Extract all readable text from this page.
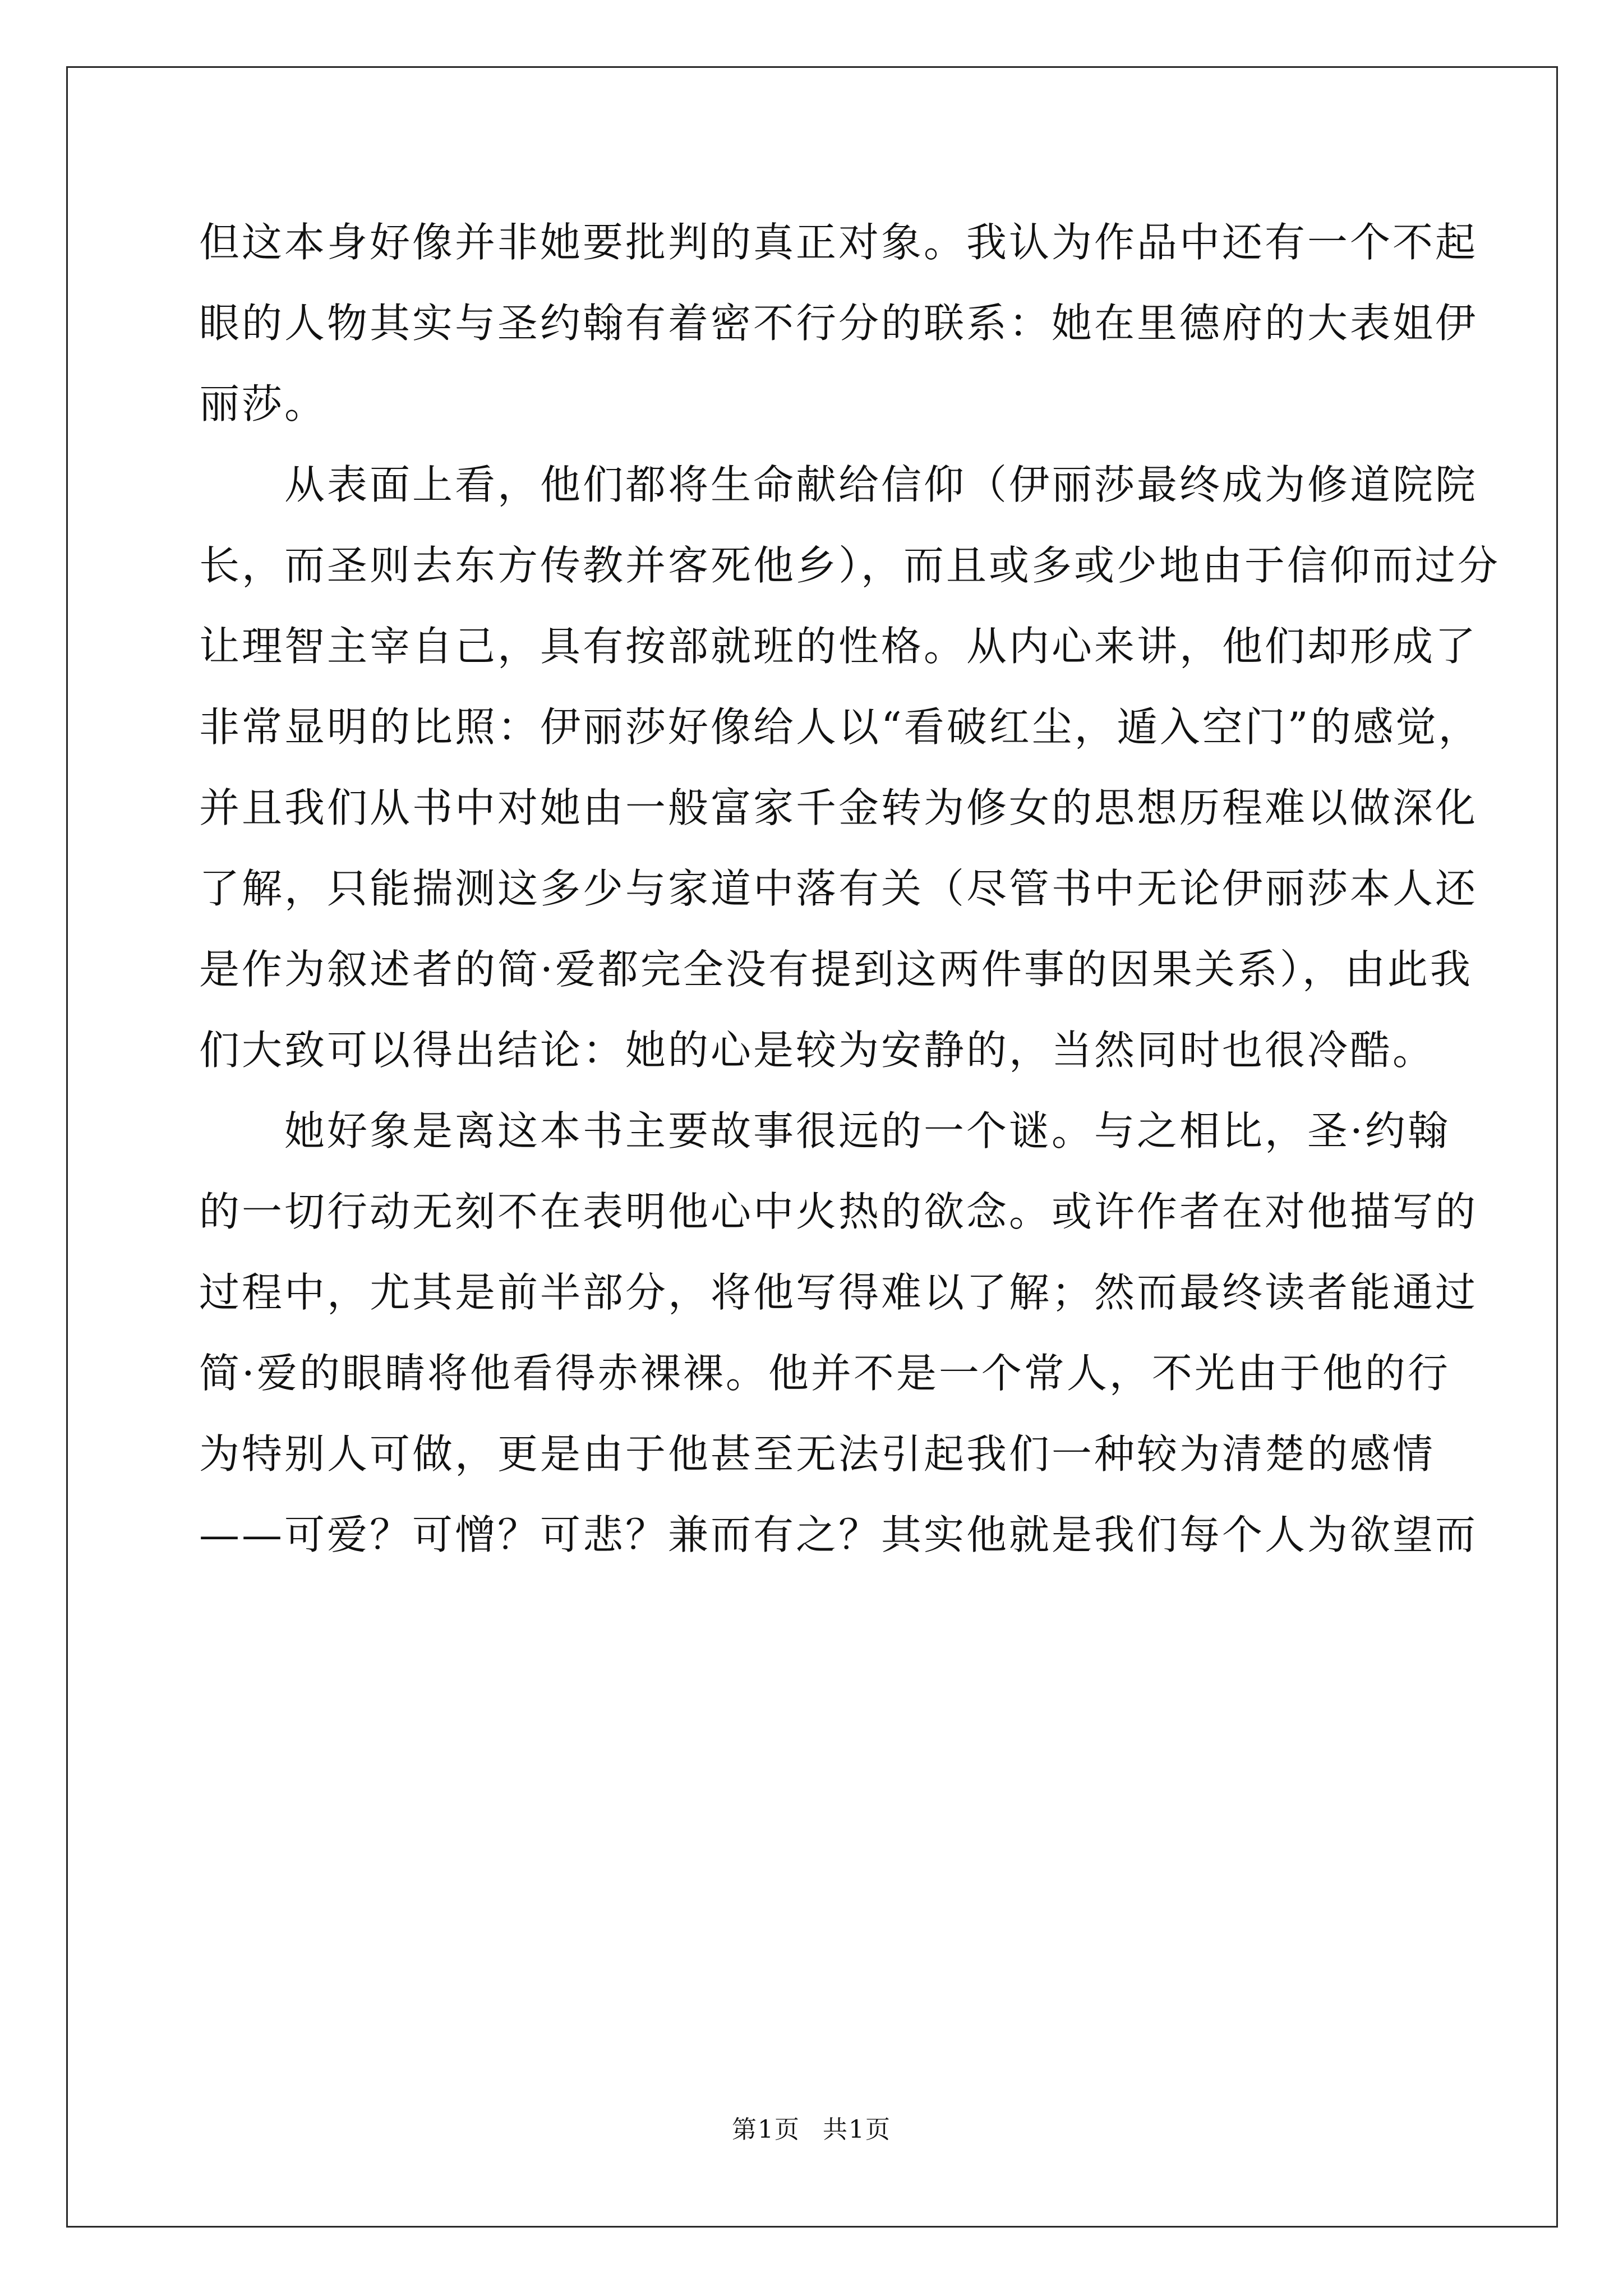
但这本身好像并非她要批判的真正对象。我认为作品中还有一个不起
眼的人物其实与圣约翰有着密不行分的联系：她在里德府的大表姐伊
丽莎。
从表面上看，他们都将生命献给信仰（伊丽莎最终成为修道院院
长，而圣则去东方传教并客死他乡），而且或多或少地由于信仰而过分
让理智主宰自己，具有按部就班的性格。从内心来讲，他们却形成了
非常显明的比照：伊丽莎好像给人以“看破红尘，遁入空门”的感觉，
并且我们从书中对她由一般富家千金转为修女的思想历程难以做深化
了解，只能揣测这多少与家道中落有关（尽管书中无论伊丽莎本人还
是作为叙述者的简·爱都完全没有提到这两件事的因果关系），由此我
们大致可以得出结论：她的心是较为安静的，当然同时也很冷酷。
她好象是离这本书主要故事很远的一个谜。与之相比，圣·约翰
的一切行动无刻不在表明他心中火热的欲念。或许作者在对他描写的
过程中，尤其是前半部分，将他写得难以了解；然而最终读者能通过
简·爱的眼睛将他看得赤裸裸。他并不是一个常人，不光由于他的行
为特别人可做，更是由于他甚至无法引起我们一种较为清楚的感情
——可爱？可憎？可悲？兼而有之？其实他就是我们每个人为欲望而
第1页 共1页
